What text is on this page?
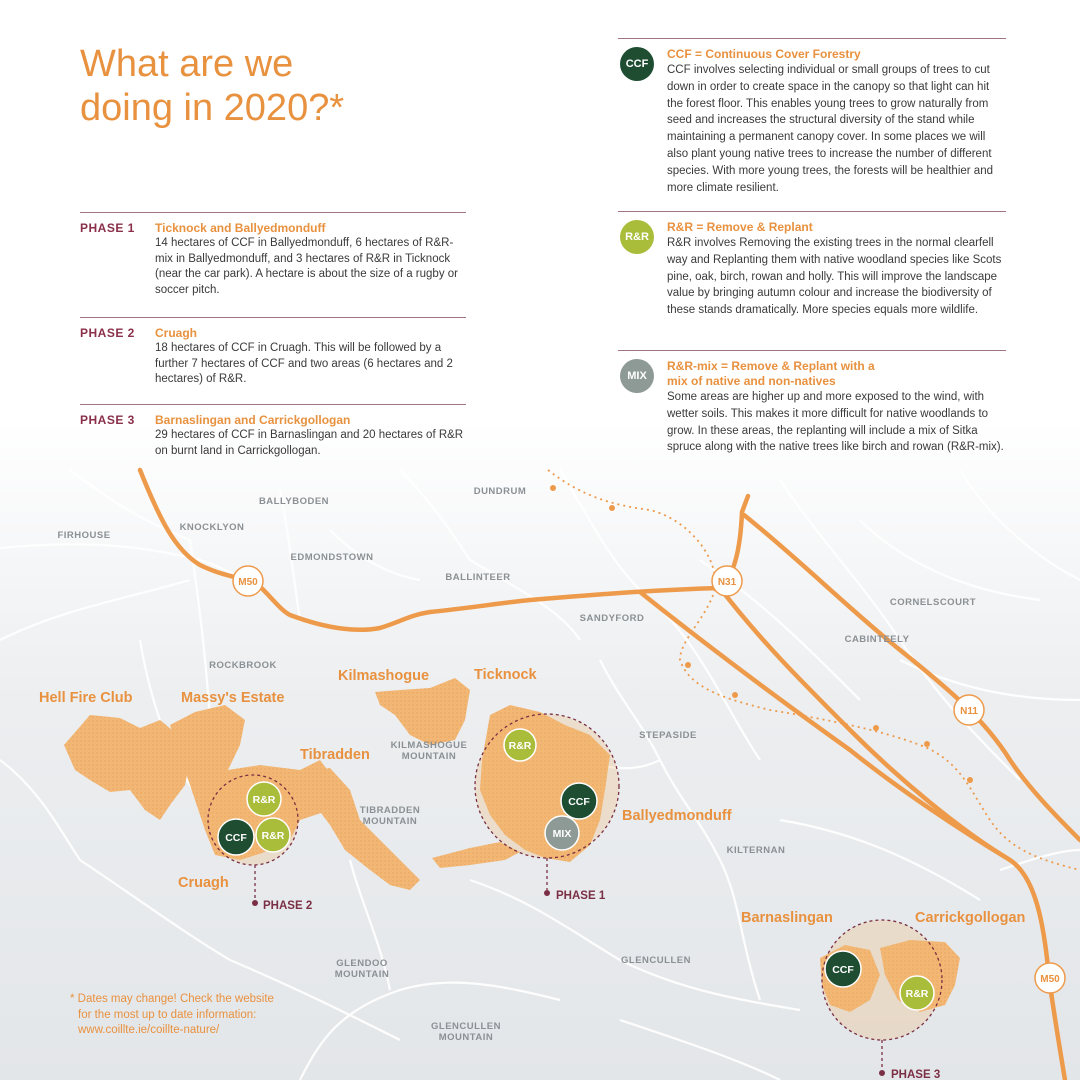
M50	N31
N11
M50
PHASE 1
PHASE 2
PHASE 3
R&R
CCF
MIX
R&R
CCF R&R
CCF
R&R
BALLYBODEN
DUNDRUM
FIRHOUSE
KNOCKLYON
EDMONDSTOWN
BALLINTEER
SANDYFORD
CORNELSCOURT
CABINTEELY
ROCKBROOK
STEPASIDE
KILMASHOGUE
MOUNTAIN
TIBRADDEN
MOUNTAIN
KILTERNAN
GLENDOO
MOUNTAIN
GLENCULLEN
GLENCULLEN
MOUNTAIN
Hell Fire Club	Massy's Estate
Kilmashogue	Ticknock
Tibradden
Ballyedmonduff
Cruagh
Barnaslingan	Carrickgollogan
What are we
doing in 2020?*
PHASE 1 Ticknock and Ballyedmonduff
14 hectares of CCF in Ballyedmonduff, 6 hectares of R&R-mix in Ballyedmonduff, and 3 hectares of R&R in Ticknock (near the car park). A hectare is about the size of a rugby or soccer pitch.
PHASE 2 Cruagh
18 hectares of CCF in Cruagh. This will be followed by a further 7 hectares of CCF and two areas (6 hectares and 2 hectares) of R&R.
PHASE 3 Barnaslingan and Carrickgollogan
29 hectares of CCF in Barnaslingan and 20 hectares of R&R on burnt land in Carrickgollogan.
CCF
CCF = Continuous Cover Forestry
CCF involves selecting individual or small groups of trees to cut down in order to create space in the canopy so that light can hit the forest floor. This enables young trees to grow naturally from seed and increases the structural diversity of the stand while maintaining a permanent canopy cover. In some places we will also plant young native trees to increase the number of different species. With more young trees, the forests will be healthier and more climate resilient.
R&R
R&R = Remove & Replant
R&R involves Removing the existing trees in the normal clearfell way and Replanting them with native woodland species like Scots pine, oak, birch, rowan and holly. This will improve the landscape value by bringing autumn colour and increase the biodiversity of these stands dramatically. More species equals more wildlife.
MIX
R&R-mix = Remove & Replant with a mix of native and non-natives
Some areas are higher up and more exposed to the wind, with wetter soils. This makes it more difficult for native woodlands to grow. In these areas, the replanting will include a mix of Sitka spruce along with the native trees like birch and rowan (R&R-mix).
* Dates may change! Check the website
for the most up to date information:
www.coillte.ie/coillte-nature/
